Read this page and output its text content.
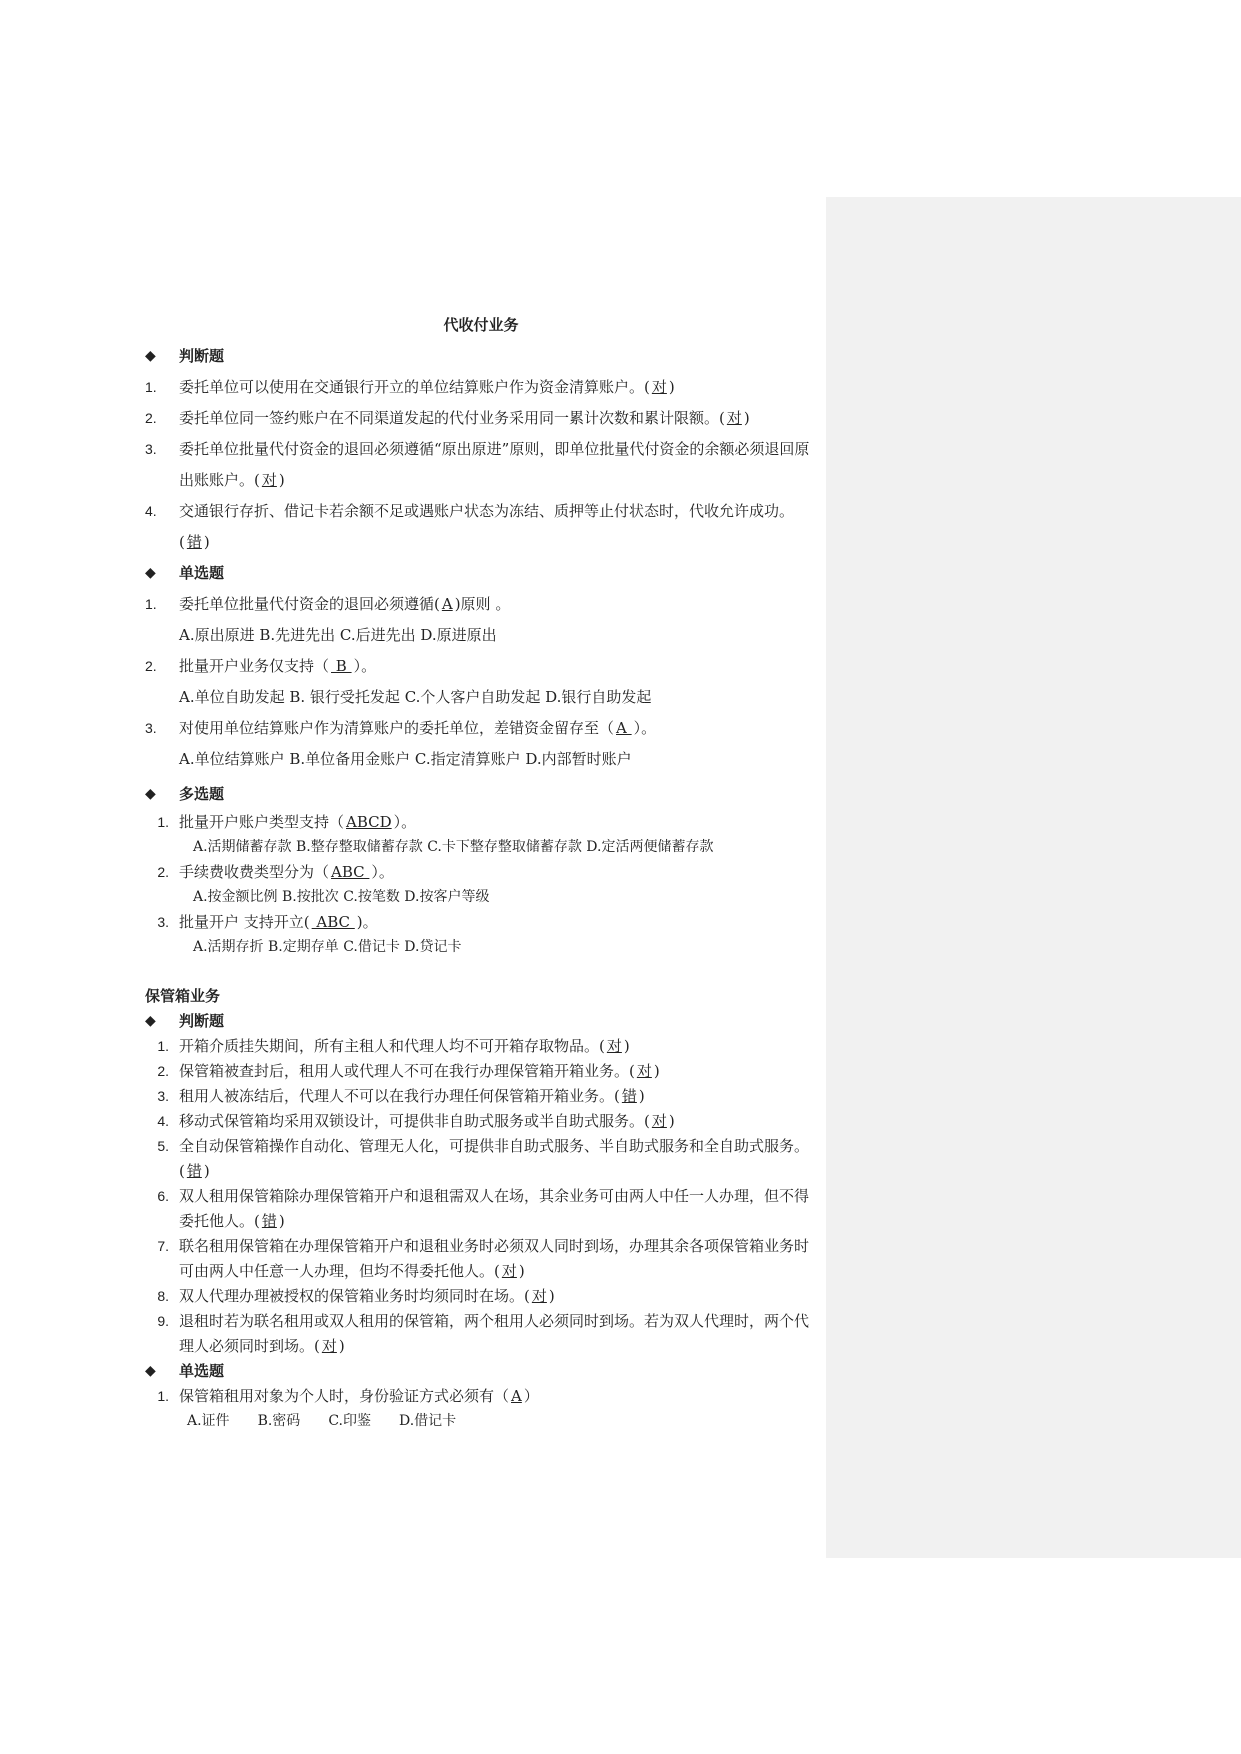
代收付业务

◆	判断题
1.	委托单位可以使用在交通银行开立的单位结算账户作为资金清算账户。( 对 )
2.	委托单位同一签约账户在不同渠道发起的代付业务采用同一累计次数和累计限额。( 对 )
3.	委托单位批量代付资金的退回必须遵循“原出原进”原则，即单位批量代付资金的余额必须退回原出账账户。( 对 )
4.	交通银行存折、借记卡若余额不足或遇账户状态为冻结、质押等止付状态时，代收允许成功。( 错 )
◆	单选题
1.	委托单位批量代付资金的退回必须遵循( A )原则 。
A.原出原进 B.先进先出 C.后进先出 D.原进原出
2.	批量开户业务仅支持（ B ）。
A.单位自助发起 B. 银行受托发起 C.个人客户自助发起 D.银行自助发起
3.	对使用单位结算账户作为清算账户的委托单位，差错资金留存至（ A ）。
A.单位结算账户 B.单位备用金账户 C.指定清算账户 D.内部暂时账户
◆	多选题
1. 批量开户账户类型支持（ ABCD ）。
A.活期储蓄存款 B.整存整取储蓄存款 C.卡下整存整取储蓄存款 D.定活两便储蓄存款
2. 手续费收费类型分为（ ABC ）。
A.按金额比例 B.按批次 C.按笔数 D.按客户等级
3. 批量开户 支持开立( ABC )。
A.活期存折 B.定期存单 C.借记卡 D.贷记卡

保管箱业务

◆	判断题
1. 开箱介质挂失期间，所有主租人和代理人均不可开箱存取物品。( 对 )
2. 保管箱被查封后，租用人或代理人不可在我行办理保管箱开箱业务。( 对 )
3. 租用人被冻结后，代理人不可以在我行办理任何保管箱开箱业务。( 错 )
4. 移动式保管箱均采用双锁设计，可提供非自助式服务或半自助式服务。( 对 )
5. 全自动保管箱操作自动化、管理无人化，可提供非自助式服务、半自助式服务和全自助式服务。( 错 )
6. 双人租用保管箱除办理保管箱开户和退租需双人在场，其余业务可由两人中任一人办理，但不得委托他人。( 错 )
7. 联名租用保管箱在办理保管箱开户和退租业务时必须双人同时到场，办理其余各项保管箱业务时可由两人中任意一人办理，但均不得委托他人。( 对 )
8. 双人代理办理被授权的保管箱业务时均须同时在场。( 对 )
9. 退租时若为联名租用或双人租用的保管箱，两个租用人必须同时到场。若为双人代理时，两个代理人必须同时到场。( 对 )
◆	单选题
1. 保管箱租用对象为个人时，身份验证方式必须有（ A ）
A.证件 B.密码 C.印鉴 D.借记卡
